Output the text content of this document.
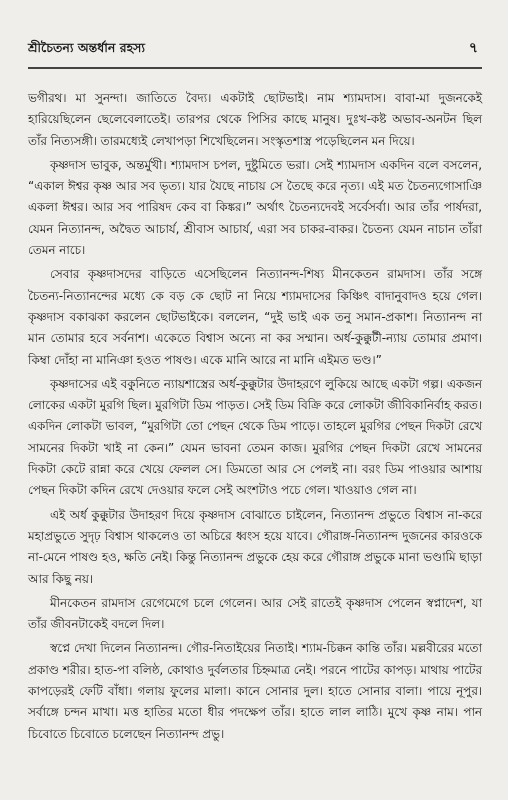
শ্রীচৈতন্য অন্তর্ধান রহস্য	৭

ভগীরথ। মা সুনন্দা। জাতিতে বৈদ্য। একটাই ছোটভাই। নাম শ্যামদাস। বাবা-মা দুজনকেই হারিয়েছিলেন ছেলেবেলাতেই। তারপর থেকে পিসির কাছে মানুষ। দুঃখ-কষ্ট অভাব-অনটন ছিল তাঁর নিত্যসঙ্গী। তারমধ্যেই লেখাপড়া শিখেছিলেন। সংস্কৃতশাস্ত্র পড়েছিলেন মন দিয়ে।

কৃষ্ণদাস ভাবুক, অন্তর্মুখী। শ্যামদাস চপল, দুষ্টুমিতে ভরা। সেই শ্যামদাস একদিন বলে বসলেন, “একাল ঈশ্বর কৃষ্ণ আর সব ভৃত্য। যার যৈছে নাচায় সে তৈছে করে নৃত্য। এই মত চৈতন্যগোসাঞি একলা ঈশ্বর। আর সব পারিষদ কেব বা কিঙ্কর।” অর্থাৎ চৈতন্যদেবই সর্বেসর্বা। আর তাঁর পার্ষদরা, যেমন নিত্যানন্দ, অদ্বৈত আচার্য, শ্রীবাস আচার্য, এরা সব চাকর-বাকর। চৈতন্য যেমন নাচান তাঁরা তেমন নাচে।

সেবার কৃষ্ণদাসদের বাড়িতে এসেছিলেন নিত্যানন্দ-শিষ্য মীনকেতন রামদাস। তাঁর সঙ্গে চৈতন্য-নিত্যানন্দের মধ্যে কে বড় কে ছোট না নিয়ে শ্যামদাসের কিঞ্চিৎ বাদানুবাদও হয়ে গেল। কৃষ্ণদাস বকাঝকা করলেন ছোটভাইকে। বললেন, “দুই ভাই এক তনু সমান-প্রকাশ। নিত্যানন্দ না মান তোমার হবে সর্বনাশ। একেতে বিশ্বাস অন্যে না কর সম্মান। অর্ধ-কুক্কুটী-ন্যায় তোমার প্রমাণ। কিম্বা দোঁহা না মানিঞা হওত পাষণ্ড। একে মানি আরে না মানি এইমত ভণ্ড।”

কৃষ্ণদাসের এই বকুনিতে ন্যায়শাস্ত্রের অর্ধ-কুক্কুটার উদাহরণে লুকিয়ে আছে একটা গল্প। একজন লোকের একটা মুরগি ছিল। মুরগিটা ডিম পাড়ত। সেই ডিম বিক্রি করে লোকটা জীবিকানির্বাহ করত। একদিন লোকটা ভাবল, “মুরগিটা তো পেছন থেকে ডিম পাড়ে। তাহলে মুরগির পেছন দিকটা রেখে সামনের দিকটা খাই না কেন।” যেমন ভাবনা তেমন কাজ। মুরগির পেছন দিকটা রেখে সামনের দিকটা কেটে রান্না করে খেয়ে ফেলল সে। ডিমতো আর সে পেলই না। বরং ডিম পাওয়ার আশায় পেছন দিকটা কদিন রেখে দেওয়ার ফলে সেই অংশটাও পচে গেল। খাওয়াও গেল না।

এই অর্ধ কুক্কুটার উদাহরণ দিয়ে কৃষ্ণদাস বোঝাতে চাইলেন, নিত্যানন্দ প্রভুতে বিশ্বাস না-করে মহাপ্রভুতে সুদৃঢ় বিশ্বাস থাকলেও তা অচিরে ধ্বংস হয়ে যাবে। গৌরাঙ্গ-নিত্যানন্দ দুজনের কারওকে না-মেনে পাষণ্ড হও, ক্ষতি নেই। কিন্তু নিত্যানন্দ প্রভুকে হেয় করে গৌরাঙ্গ প্রভুকে মানা ভণ্ডামি ছাড়া আর কিছু নয়।

মীনকেতন রামদাস রেগেমেগে চলে গেলেন। আর সেই রাতেই কৃষ্ণদাস পেলেন স্বপ্নাদেশ, যা তাঁর জীবনটাকেই বদলে দিল।

স্বপ্নে দেখা দিলেন নিত্যানন্দ। গৌর-নিতাইয়ের নিতাই। শ্যাম-চিক্কন কান্তি তাঁর। মল্লবীরের মতো প্রকাণ্ড শরীর। হাত-পা বলিষ্ঠ, কোথাও দুর্বলতার চিহ্নমাত্র নেই। পরনে পাটের কাপড়। মাথায় পাটের কাপড়েরই ফেটি বাঁধা। গলায় ফুলের মালা। কানে সোনার দুল। হাতে সোনার বালা। পায়ে নূপুর। সর্বাঙ্গে চন্দন মাখা। মত্ত হাতির মতো ধীর পদক্ষেপ তাঁর। হাতে লাল লাঠি। মুখে কৃষ্ণ নাম। পান চিবোতে চিবোতে চলেছেন নিত্যানন্দ প্রভু।
